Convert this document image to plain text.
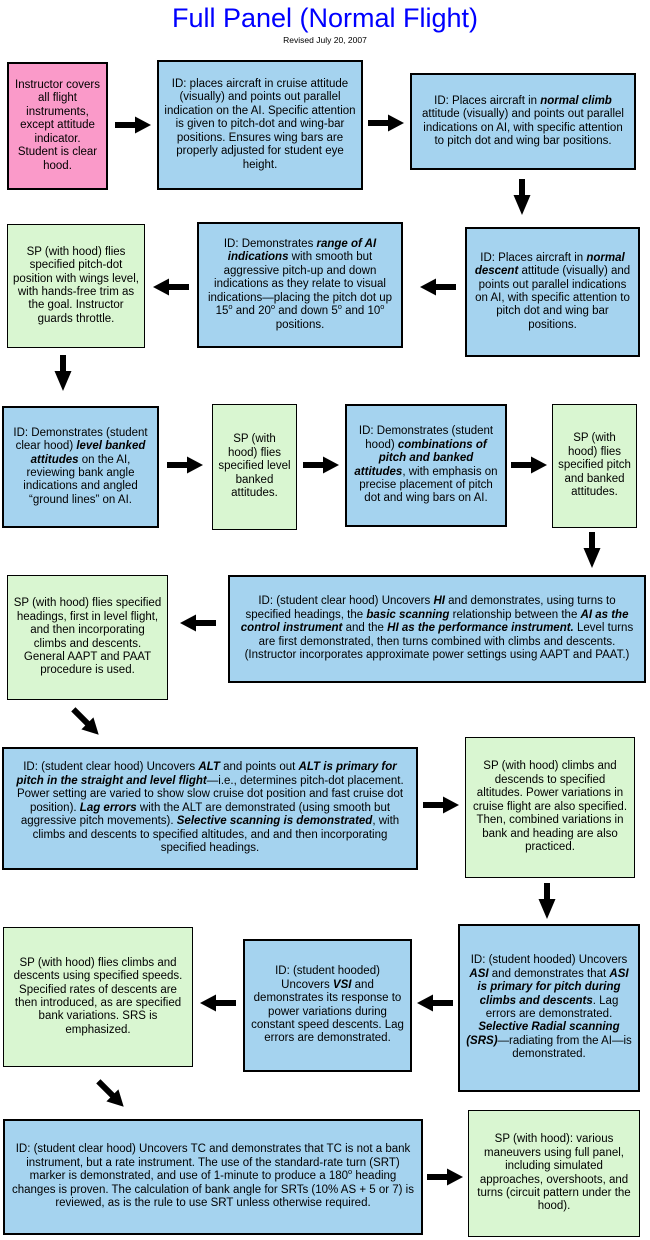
Full Panel (Normal Flight)
Revised July 20, 2007
Instructor covers all flight instruments, except attitude indicator. Student is clear hood.
ID: places aircraft in cruise attitude (visually) and points out parallel indication on the AI. Specific attention is given to pitch-dot and wing-bar positions. Ensures wing bars are properly adjusted for student eye height.
ID: Places aircraft in normal climb attitude (visually) and points out parallel indications on AI, with specific attention to pitch dot and wing bar positions.
ID: Places aircraft in normal descent attitude (visually) and points out parallel indications on AI, with specific attention to pitch dot and wing bar positions.
ID: Demonstrates range of AI indications with smooth but aggressive pitch-up and down indications as they relate to visual indications—placing the pitch dot up 15$^o$ and 20$^o$ and down 5$^o$ and 10$^o$ positions.
SP (with hood) flies specified pitch-dot position with wings level, with hands-free trim as the goal. Instructor guards throttle.
ID: Demonstrates (student clear hood) level banked attitudes on the AI, reviewing bank angle indications and angled “ground lines” on AI.
SP (with hood) flies specified level banked attitudes.
ID: Demonstrates (student hood) combinations of pitch and banked attitudes, with emphasis on precise placement of pitch dot and wing bars on AI.
SP (with hood) flies specified pitch and banked attitudes.
ID: (student clear hood) Uncovers HI and demonstrates, using turns to specified headings, the basic scanning relationship between the AI as the control instrument and the HI as the performance instrument. Level turns are first demonstrated, then turns combined with climbs and descents. (Instructor incorporates approximate power settings using AAPT and PAAT.)
SP (with hood) flies specified headings, first in level flight, and then incorporating climbs and descents. General AAPT and PAAT procedure is used.
ID: (student clear hood) Uncovers ALT and points out ALT is primary for pitch in the straight and level flight—i.e., determines pitch-dot placement. Power setting are varied to show slow cruise dot position and fast cruise dot position). Lag errors with the ALT are demonstrated (using smooth but aggressive pitch movements). Selective scanning is demonstrated, with climbs and descents to specified altitudes, and and then incorporating specified headings.
SP (with hood) climbs and descends to specified altitudes. Power variations in cruise flight are also specified. Then, combined variations in bank and heading are also practiced.
ID: (student hooded) Uncovers ASI and demonstrates that ASI is primary for pitch during climbs and descents. Lag errors are demonstrated. Selective Radial scanning (SRS)—radiating from the AI—is demonstrated.
ID: (student hooded) Uncovers VSI and demonstrates its response to power variations during constant speed descents. Lag errors are demonstrated.
SP (with hood) flies climbs and descents using specified speeds. Specified rates of descents are then introduced, as are specified bank variations. SRS is emphasized.
ID: (student clear hood) Uncovers TC and demonstrates that TC is not a bank instrument, but a rate instrument. The use of the standard-rate turn (SRT) marker is demonstrated, and use of 1-minute to produce a 180$^o$ heading changes is proven. The calculation of bank angle for SRTs (10% AS + 5 or 7) is reviewed, as is the rule to use SRT unless otherwise required.
SP (with hood): various maneuvers using full panel, including simulated approaches, overshoots, and turns (circuit pattern under the hood).
